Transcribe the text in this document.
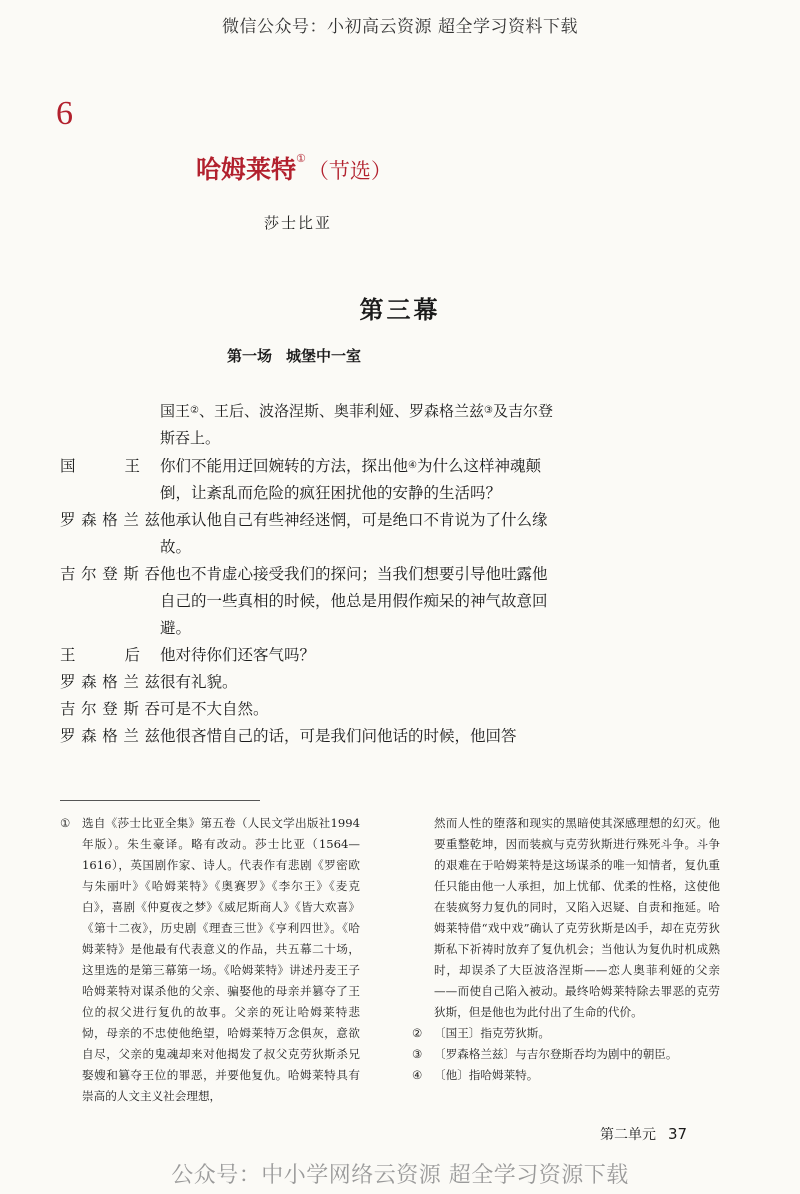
微信公众号：小初高云资源 超全学习资料下载
6
哈姆莱特①（节选）
莎士比亚
第三幕
第一场 城堡中一室
国王②、王后、波洛涅斯、奥菲利娅、罗森格兰兹③及吉尔登斯吞上。
国王	你们不能用迂回婉转的方法，探出他④为什么这样神魂颠倒，让紊乱而危险的疯狂困扰他的安静的生活吗？
罗森格兰兹 他承认他自己有些神经迷惘，可是绝口不肯说为了什么缘故。
吉尔登斯吞 他也不肯虚心接受我们的探问；当我们想要引导他吐露他自己的一些真相的时候，他总是用假作痴呆的神气故意回避。
王后	他对待你们还客气吗？
罗森格兰兹 很有礼貌。
吉尔登斯吞 可是不大自然。
罗森格兰兹 他很吝惜自己的话，可是我们问他话的时候，他回答
① 选自《莎士比亚全集》第五卷（人民文学出版社1994年版）。朱生豪译。略有改动。莎士比亚（1564—1616），英国剧作家、诗人。代表作有悲剧《罗密欧与朱丽叶》《哈姆莱特》《奥赛罗》《李尔王》《麦克白》，喜剧《仲夏夜之梦》《威尼斯商人》《皆大欢喜》《第十二夜》，历史剧《理查三世》《亨利四世》。《哈姆莱特》是他最有代表意义的作品，共五幕二十场，这里选的是第三幕第一场。《哈姆莱特》讲述丹麦王子哈姆莱特对谋杀他的父亲、骗娶他的母亲并篡夺了王位的叔父进行复仇的故事。父亲的死让哈姆莱特悲恸，母亲的不忠使他绝望，哈姆莱特万念俱灰，意欲自尽，父亲的鬼魂却来对他揭发了叔父克劳狄斯杀兄娶嫂和篡夺王位的罪恶，并要他复仇。哈姆莱特具有崇高的人文主义社会理想，
然而人性的堕落和现实的黑暗使其深感理想的幻灭。他要重整乾坤，因而装疯与克劳狄斯进行殊死斗争。斗争的艰难在于哈姆莱特是这场谋杀的唯一知情者，复仇重任只能由他一人承担，加上忧郁、优柔的性格，这使他在装疯努力复仇的同时，又陷入迟疑、自责和拖延。哈姆莱特借“戏中戏”确认了克劳狄斯是凶手，却在克劳狄斯私下祈祷时放弃了复仇机会；当他认为复仇时机成熟时，却误杀了大臣波洛涅斯——恋人奥菲利娅的父亲——而使自己陷入被动。最终哈姆莱特除去罪恶的克劳狄斯，但是他也为此付出了生命的代价。
② 〔国王〕指克劳狄斯。
③ 〔罗森格兰兹〕与吉尔登斯吞均为剧中的朝臣。
④ 〔他〕指哈姆莱特。
第二单元 37
公众号：中小学网络云资源 超全学习资源下载
